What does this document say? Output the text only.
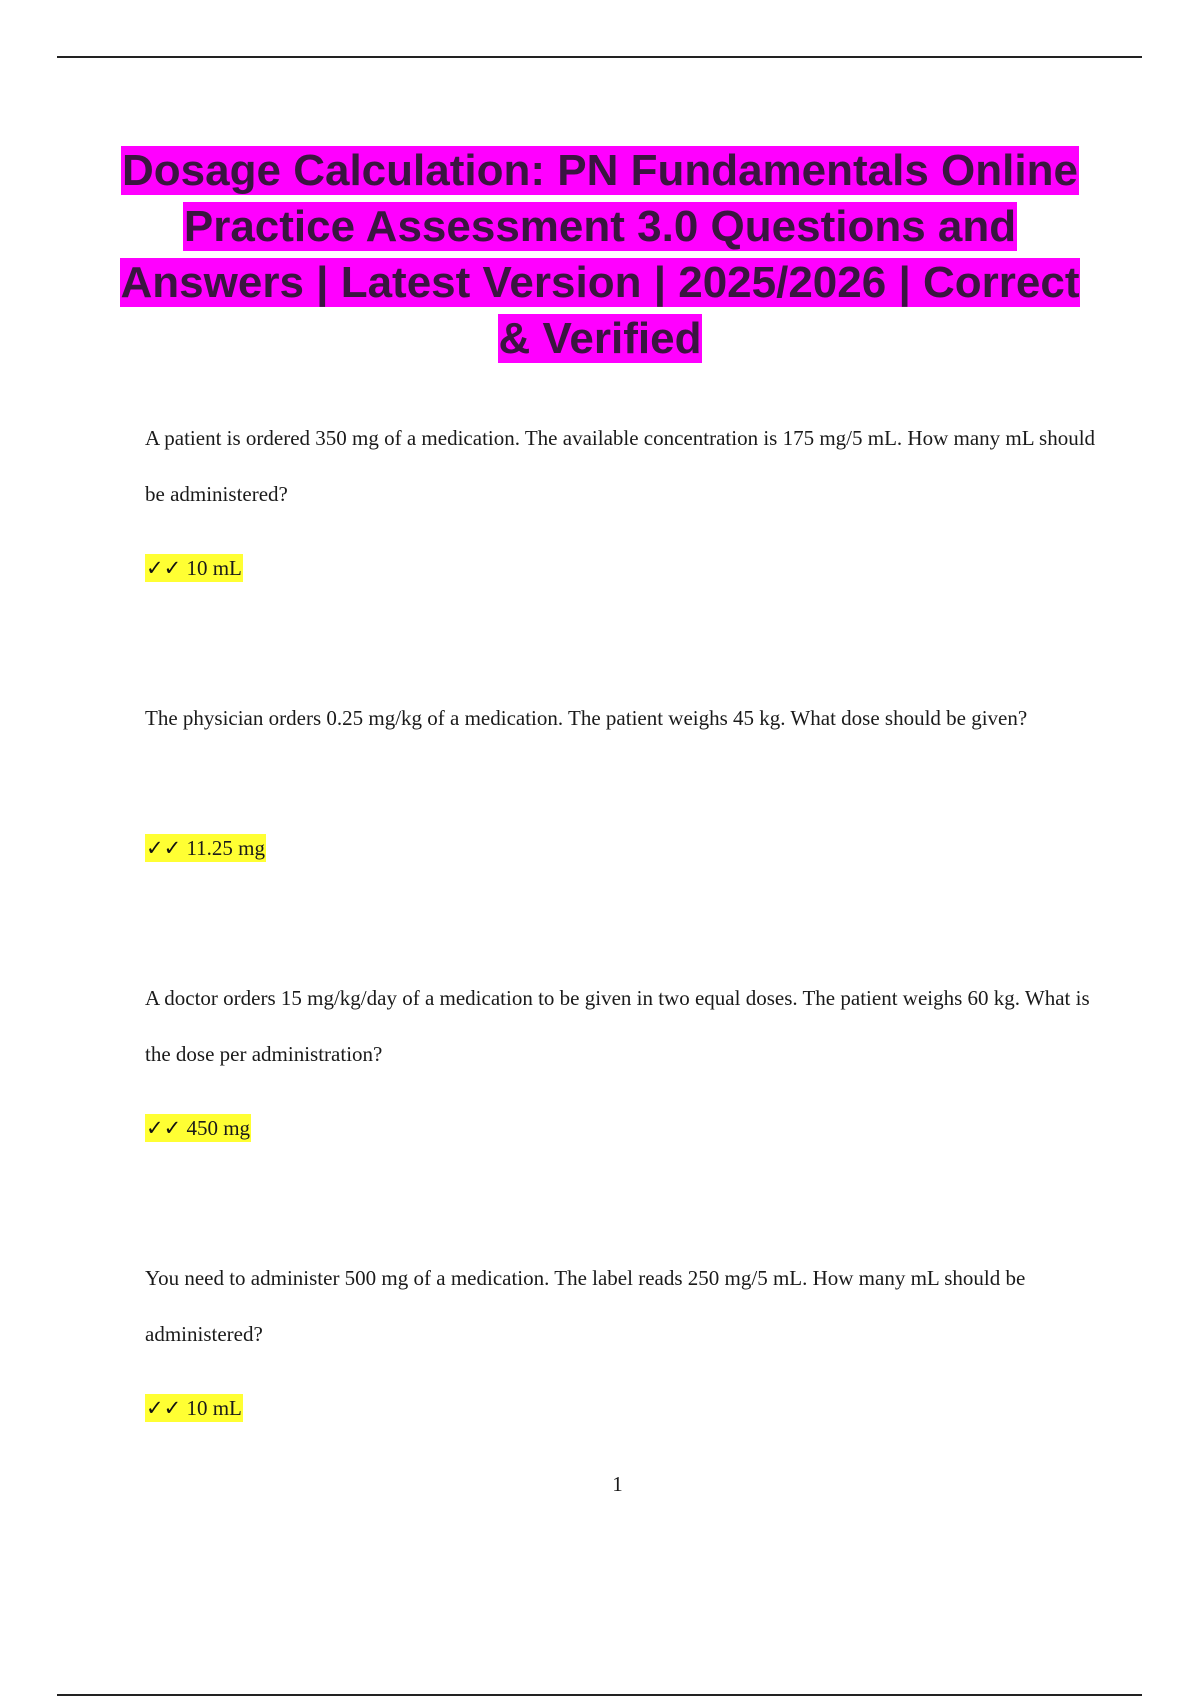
Dosage Calculation: PN Fundamentals Online Practice Assessment 3.0 Questions and Answers | Latest Version | 2025/2026 | Correct & Verified

A patient is ordered 350 mg of a medication. The available concentration is 175 mg/5 mL. How many mL should be administered?

✓✓ 10 mL

The physician orders 0.25 mg/kg of a medication. The patient weighs 45 kg. What dose should be given?

✓✓ 11.25 mg

A doctor orders 15 mg/kg/day of a medication to be given in two equal doses. The patient weighs 60 kg. What is the dose per administration?

✓✓ 450 mg

You need to administer 500 mg of a medication. The label reads 250 mg/5 mL. How many mL should be administered?

✓✓ 10 mL

1
